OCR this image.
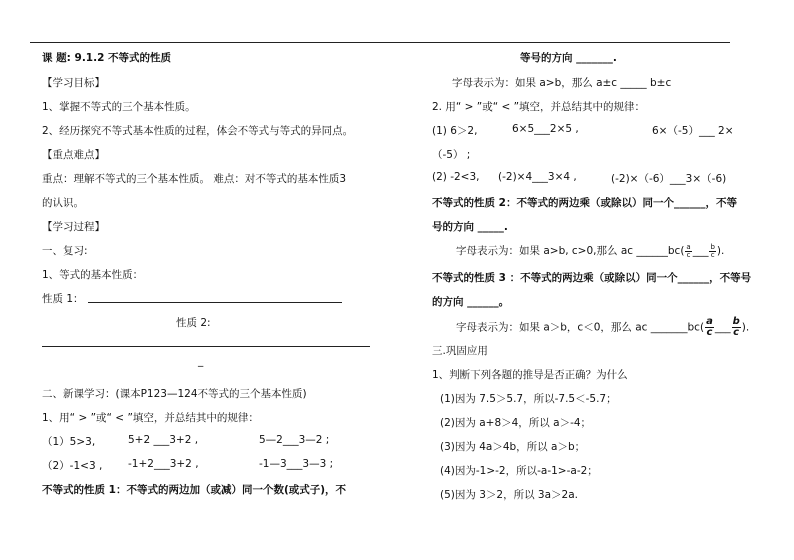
课 题: 9.1.2 不等式的性质
【学习目标】
1、掌握不等式的三个基本性质。
2、经历探究不等式基本性质的过程，体会不等式与等式的异同点。
【重点难点】
重点：理解不等式的三个基本性质。 难点：对不等式的基本性质3
的认识。
【学习过程】
一、复习:
1、等式的基本性质：
性质 1：
性质 2:
_
二、新课学习：(课本P123—124不等式的三个基本性质)
1、用“ > ”或“ < ”填空，并总结其中的规律：
（1）5>3,	5+2 ___3+2 ,	5—2___3—2 ;
（2）-1<3 , -1+2___3+2 ,	-1—3___3—3 ;
不等式的性质 1：不等式的两边加（或减）同一个数(或式子)，不
等号的方向 _______.
字母表示为：如果 a>b，那么 a±c _____ b±c
2. 用“ > ”或“ < ”填空，并总结其中的规律：
(1) 6＞2,	6×5___2×5 ,	6×（-5）___ 2×
（-5） ;
(2) -2<3, (-2)×4___3×4 ,	(-2)×（-6）___3×（-6)
不等式的性质 2：不等式的两边乘（或除以）同一个______，不等
号的方向 _____.
字母表示为：如果 a>b, c>0,那么 ac ______bc( $\frac{a}{c}$ ___ $\frac{b}{c}$ ).
不等式的性质 3 ：不等式的两边乘（或除以）同一个______，不等号
的方向 ______。
字母表示为：如果 a＞b，c＜0，那么 ac _______bc( $\frac{a}{c}$ ___ $\frac{b}{c}$ ).
三.巩固应用
1、判断下列各题的推导是否正确？为什么
(1)因为 7.5＞5.7，所以-7.5＜-5.7；
(2)因为 a+8＞4，所以 a＞-4；
(3)因为 4a＞4b，所以 a＞b；
(4)因为-1>-2，所以-a-1>-a-2；
(5)因为 3＞2，所以 3a＞2a.
